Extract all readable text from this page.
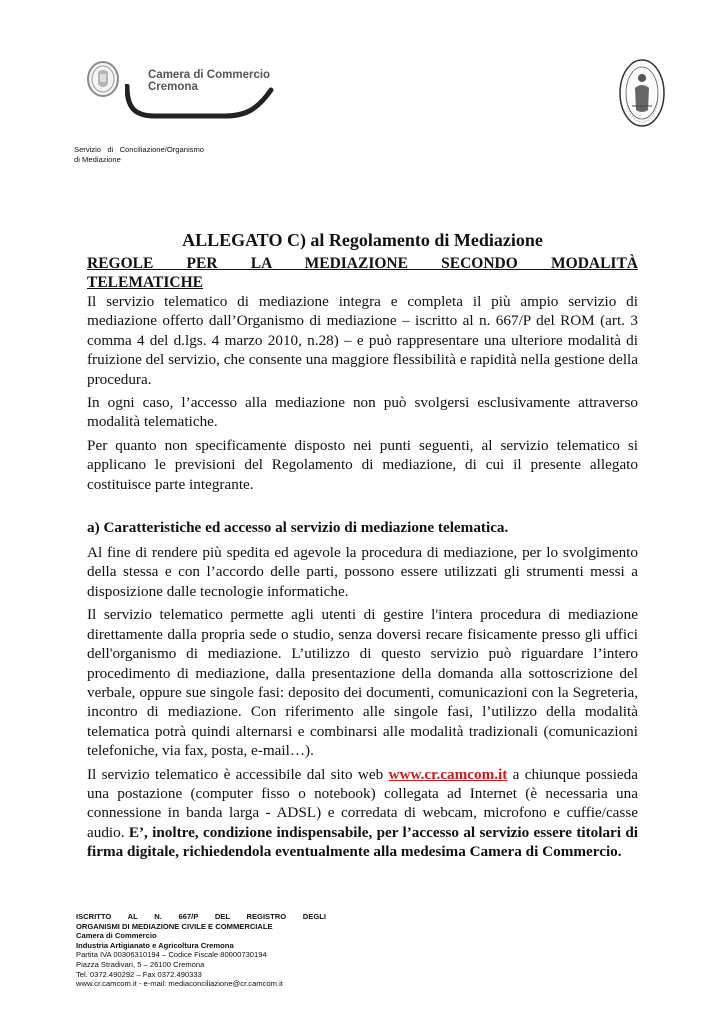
Camera di Commercio
Cremona
Servizio   di   Conciliazione/Organismo
di Mediazione
ALLEGATO C) al Regolamento di Mediazione
REGOLE PER LA MEDIAZIONE SECONDO MODALITÀ
TELEMATICHE

Il servizio telematico di mediazione integra e completa il più ampio servizio di mediazione offerto dall’Organismo di mediazione – iscritto al n. 667/P del ROM (art. 3 comma 4 del d.lgs. 4 marzo 2010, n.28) – e può rappresentare una ulteriore modalità di fruizione del servizio, che consente una maggiore flessibilità e rapidità nella gestione della procedura.

In ogni caso, l’accesso alla mediazione non può svolgersi esclusivamente attraverso modalità telematiche.

Per quanto non specificamente disposto nei punti seguenti, al servizio telematico si applicano le previsioni del Regolamento di mediazione, di cui il presente allegato costituisce parte integrante.

a) Caratteristiche ed accesso al servizio di mediazione telematica.

Al fine di rendere più spedita ed agevole la procedura di mediazione, per lo svolgimento della stessa e con l’accordo delle parti, possono essere utilizzati gli strumenti messi a disposizione dalle tecnologie informatiche.

Il servizio telematico permette agli utenti di gestire l'intera procedura di mediazione direttamente dalla propria sede o studio, senza doversi recare fisicamente presso gli uffici dell'organismo di mediazione. L’utilizzo di questo servizio può riguardare l’intero procedimento di mediazione, dalla presentazione della domanda alla sottoscrizione del verbale, oppure sue singole fasi: deposito dei documenti, comunicazioni con la Segreteria, incontro di mediazione. Con riferimento alle singole fasi, l’utilizzo della modalità telematica potrà quindi alternarsi e combinarsi alle modalità tradizionali (comunicazioni telefoniche, via fax, posta, e-mail…).

Il servizio telematico è accessibile dal sito web www.cr.camcom.it a chiunque possieda una postazione (computer fisso o notebook) collegata ad Internet (è necessaria una connessione in banda larga - ADSL) e corredata di webcam, microfono e cuffie/casse audio. E’, inoltre, condizione indispensabile, per l’accesso al servizio essere titolari di firma digitale, richiedendola eventualmente alla medesima Camera di Commercio.

ISCRITTO AL N. 667/P DEL REGISTRO DEGLI
ORGANISMI DI MEDIAZIONE CIVILE E COMMERCIALE
Camera di Commercio
Industria Artigianato e Agricoltura Cremona
Partita IVA 00306310194 – Codice Fiscale 80000730194
Piazza Stradivari, 5 – 26100 Cremona
Tel. 0372.490292 – Fax 0372.490333
www.cr.camcom.it - e-mail: mediaconciliazione@cr.camcom.it
